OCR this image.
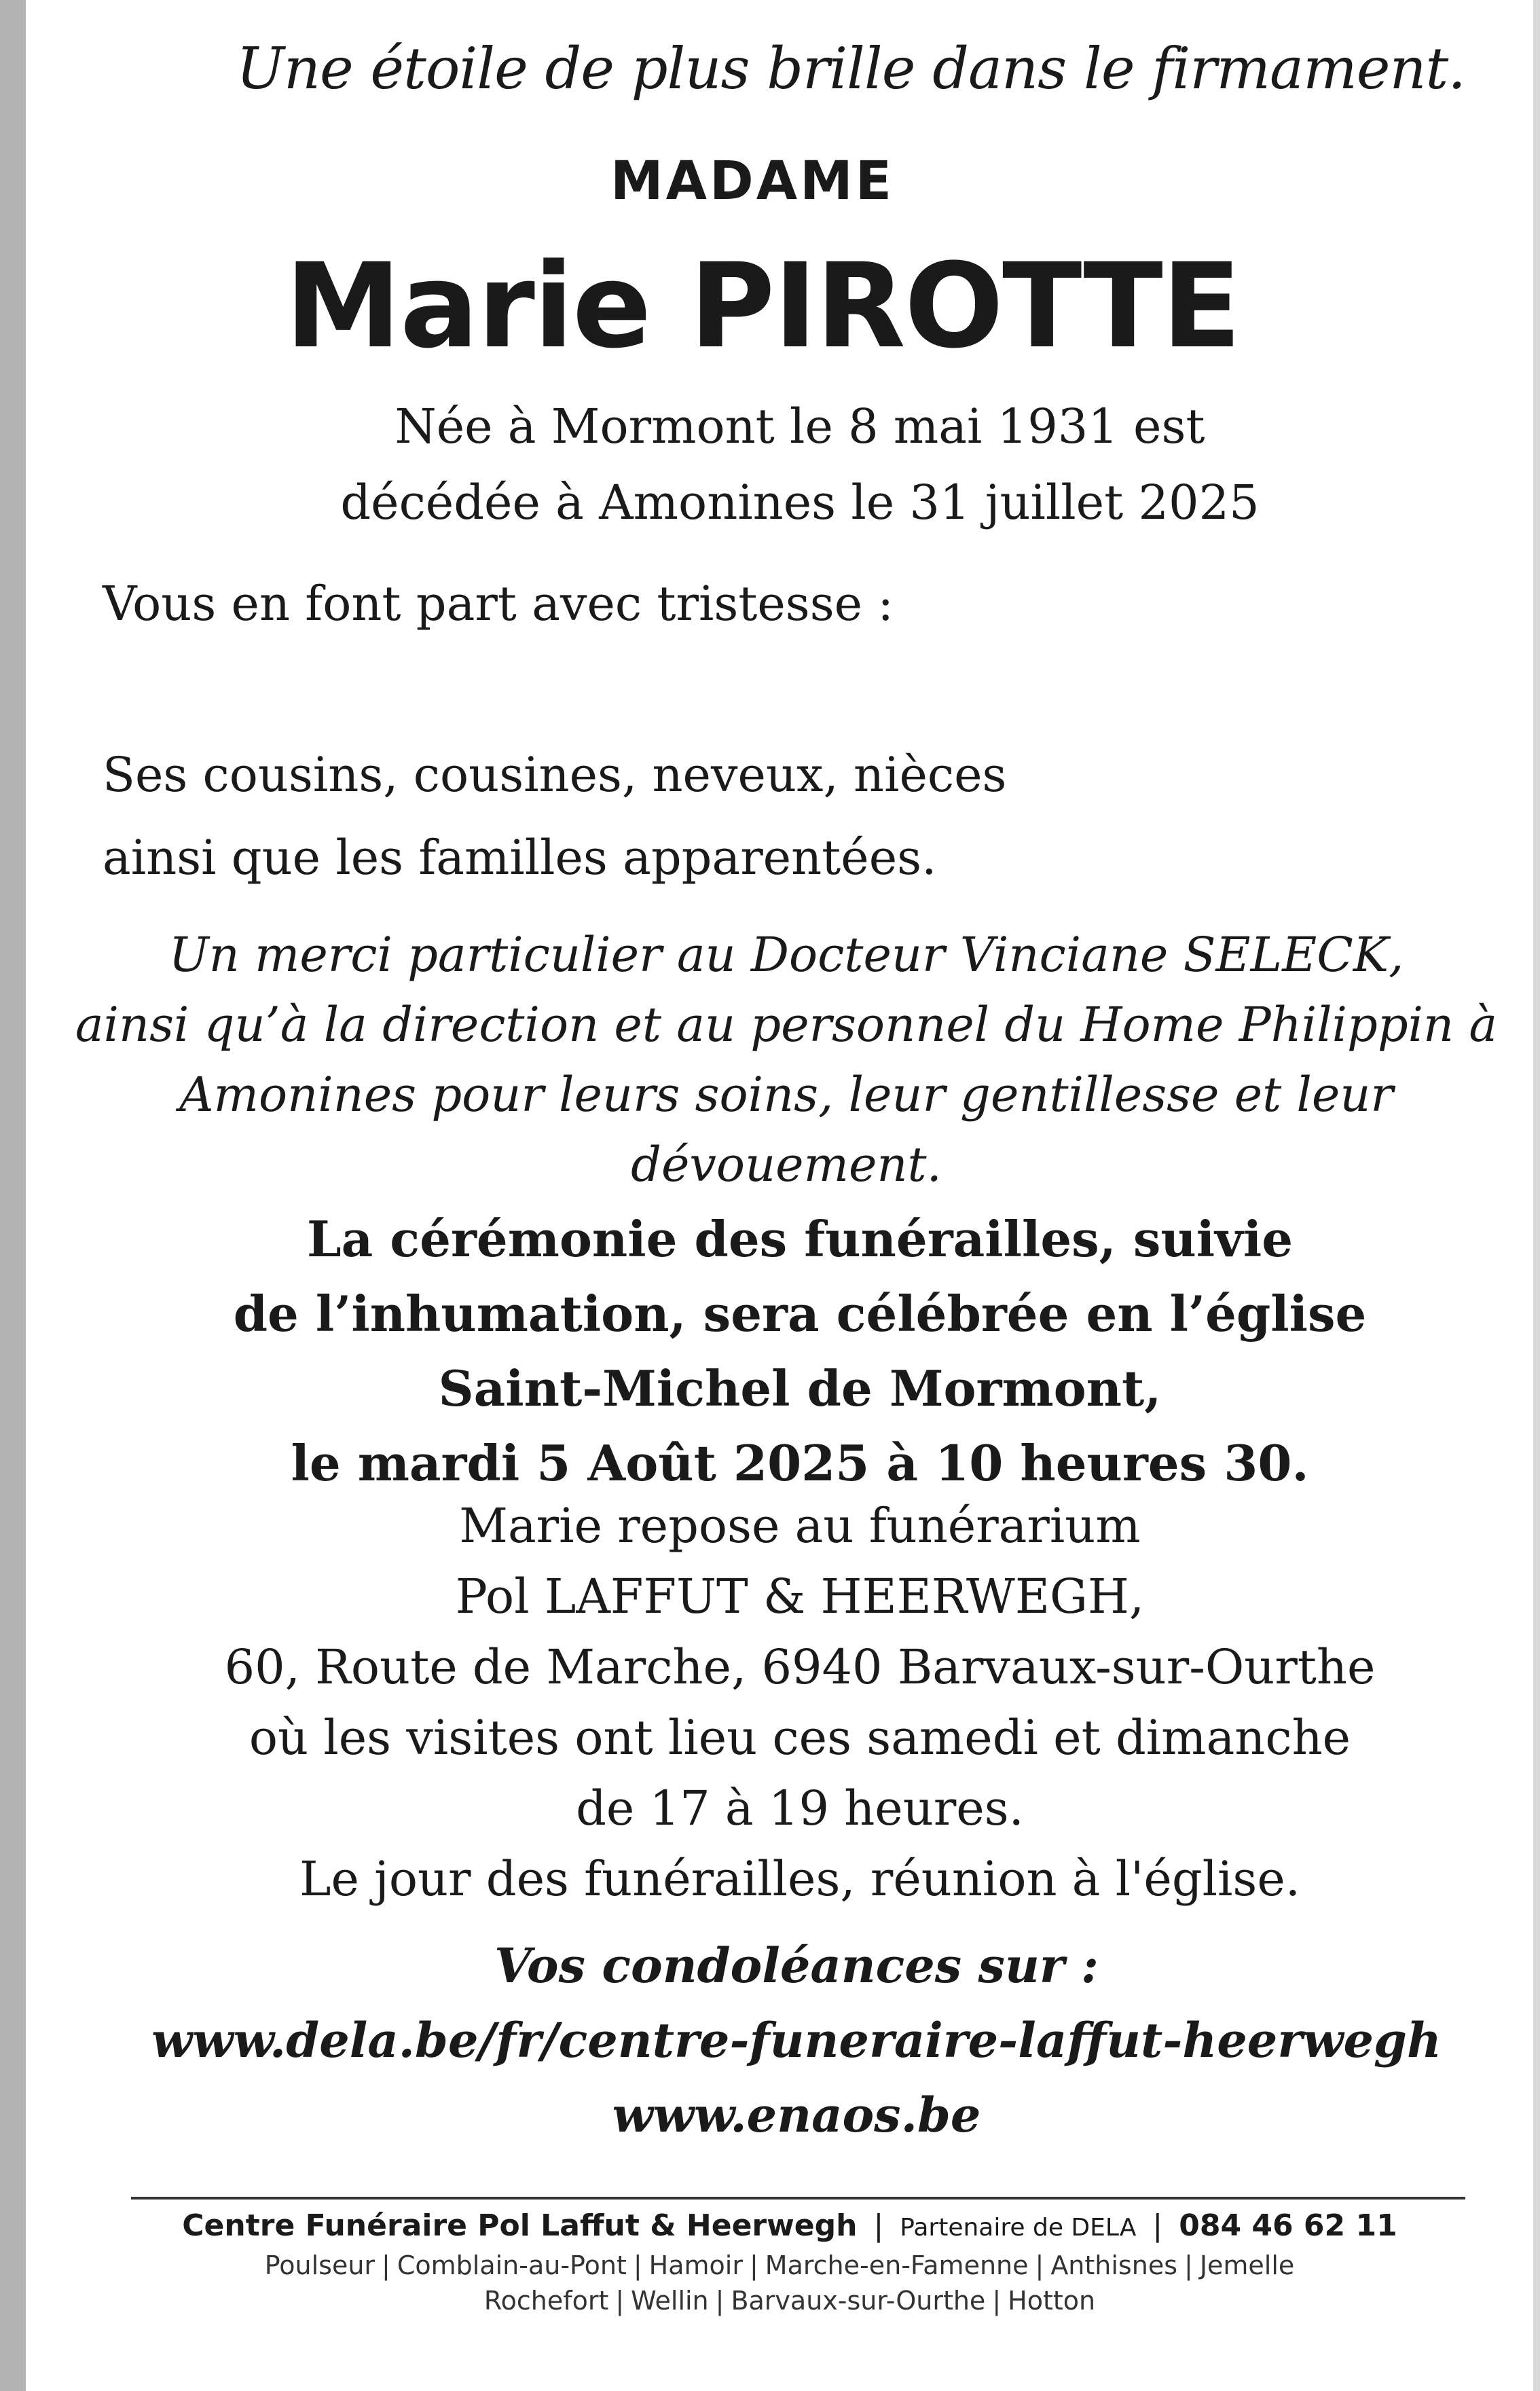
Une étoile de plus brille dans le firmament.
MADAME
Marie PIROTTE
Née à Mormont le 8 mai 1931 est
décédée à Amonines le 31 juillet 2025
Vous en font part avec tristesse :
Ses cousins, cousines, neveux, nièces
ainsi que les familles apparentées.
Un merci particulier au Docteur Vinciane SELECK,
ainsi qu’à la direction et au personnel du Home Philippin à
Amonines pour leurs soins, leur gentillesse et leur
dévouement.
La cérémonie des funérailles, suivie
de l’inhumation, sera célébrée en l’église
Saint-Michel de Mormont,
le mardi 5 Août 2025 à 10 heures 30.
Marie repose au funérarium
Pol LAFFUT & HEERWEGH,
60, Route de Marche, 6940 Barvaux-sur-Ourthe
où les visites ont lieu ces samedi et dimanche
de 17 à 19 heures.
Le jour des funérailles, réunion à l'église.
Vos condoléances sur :
www.dela.be/fr/centre-funeraire-laffut-heerwegh
www.enaos.be
Centre Funéraire Pol Laffut & Heerwegh | Partenaire de DELA | 084 46 62 11
Poulseur | Comblain-au-Pont | Hamoir | Marche-en-Famenne | Anthisnes | Jemelle
Rochefort | Wellin | Barvaux-sur-Ourthe | Hotton
